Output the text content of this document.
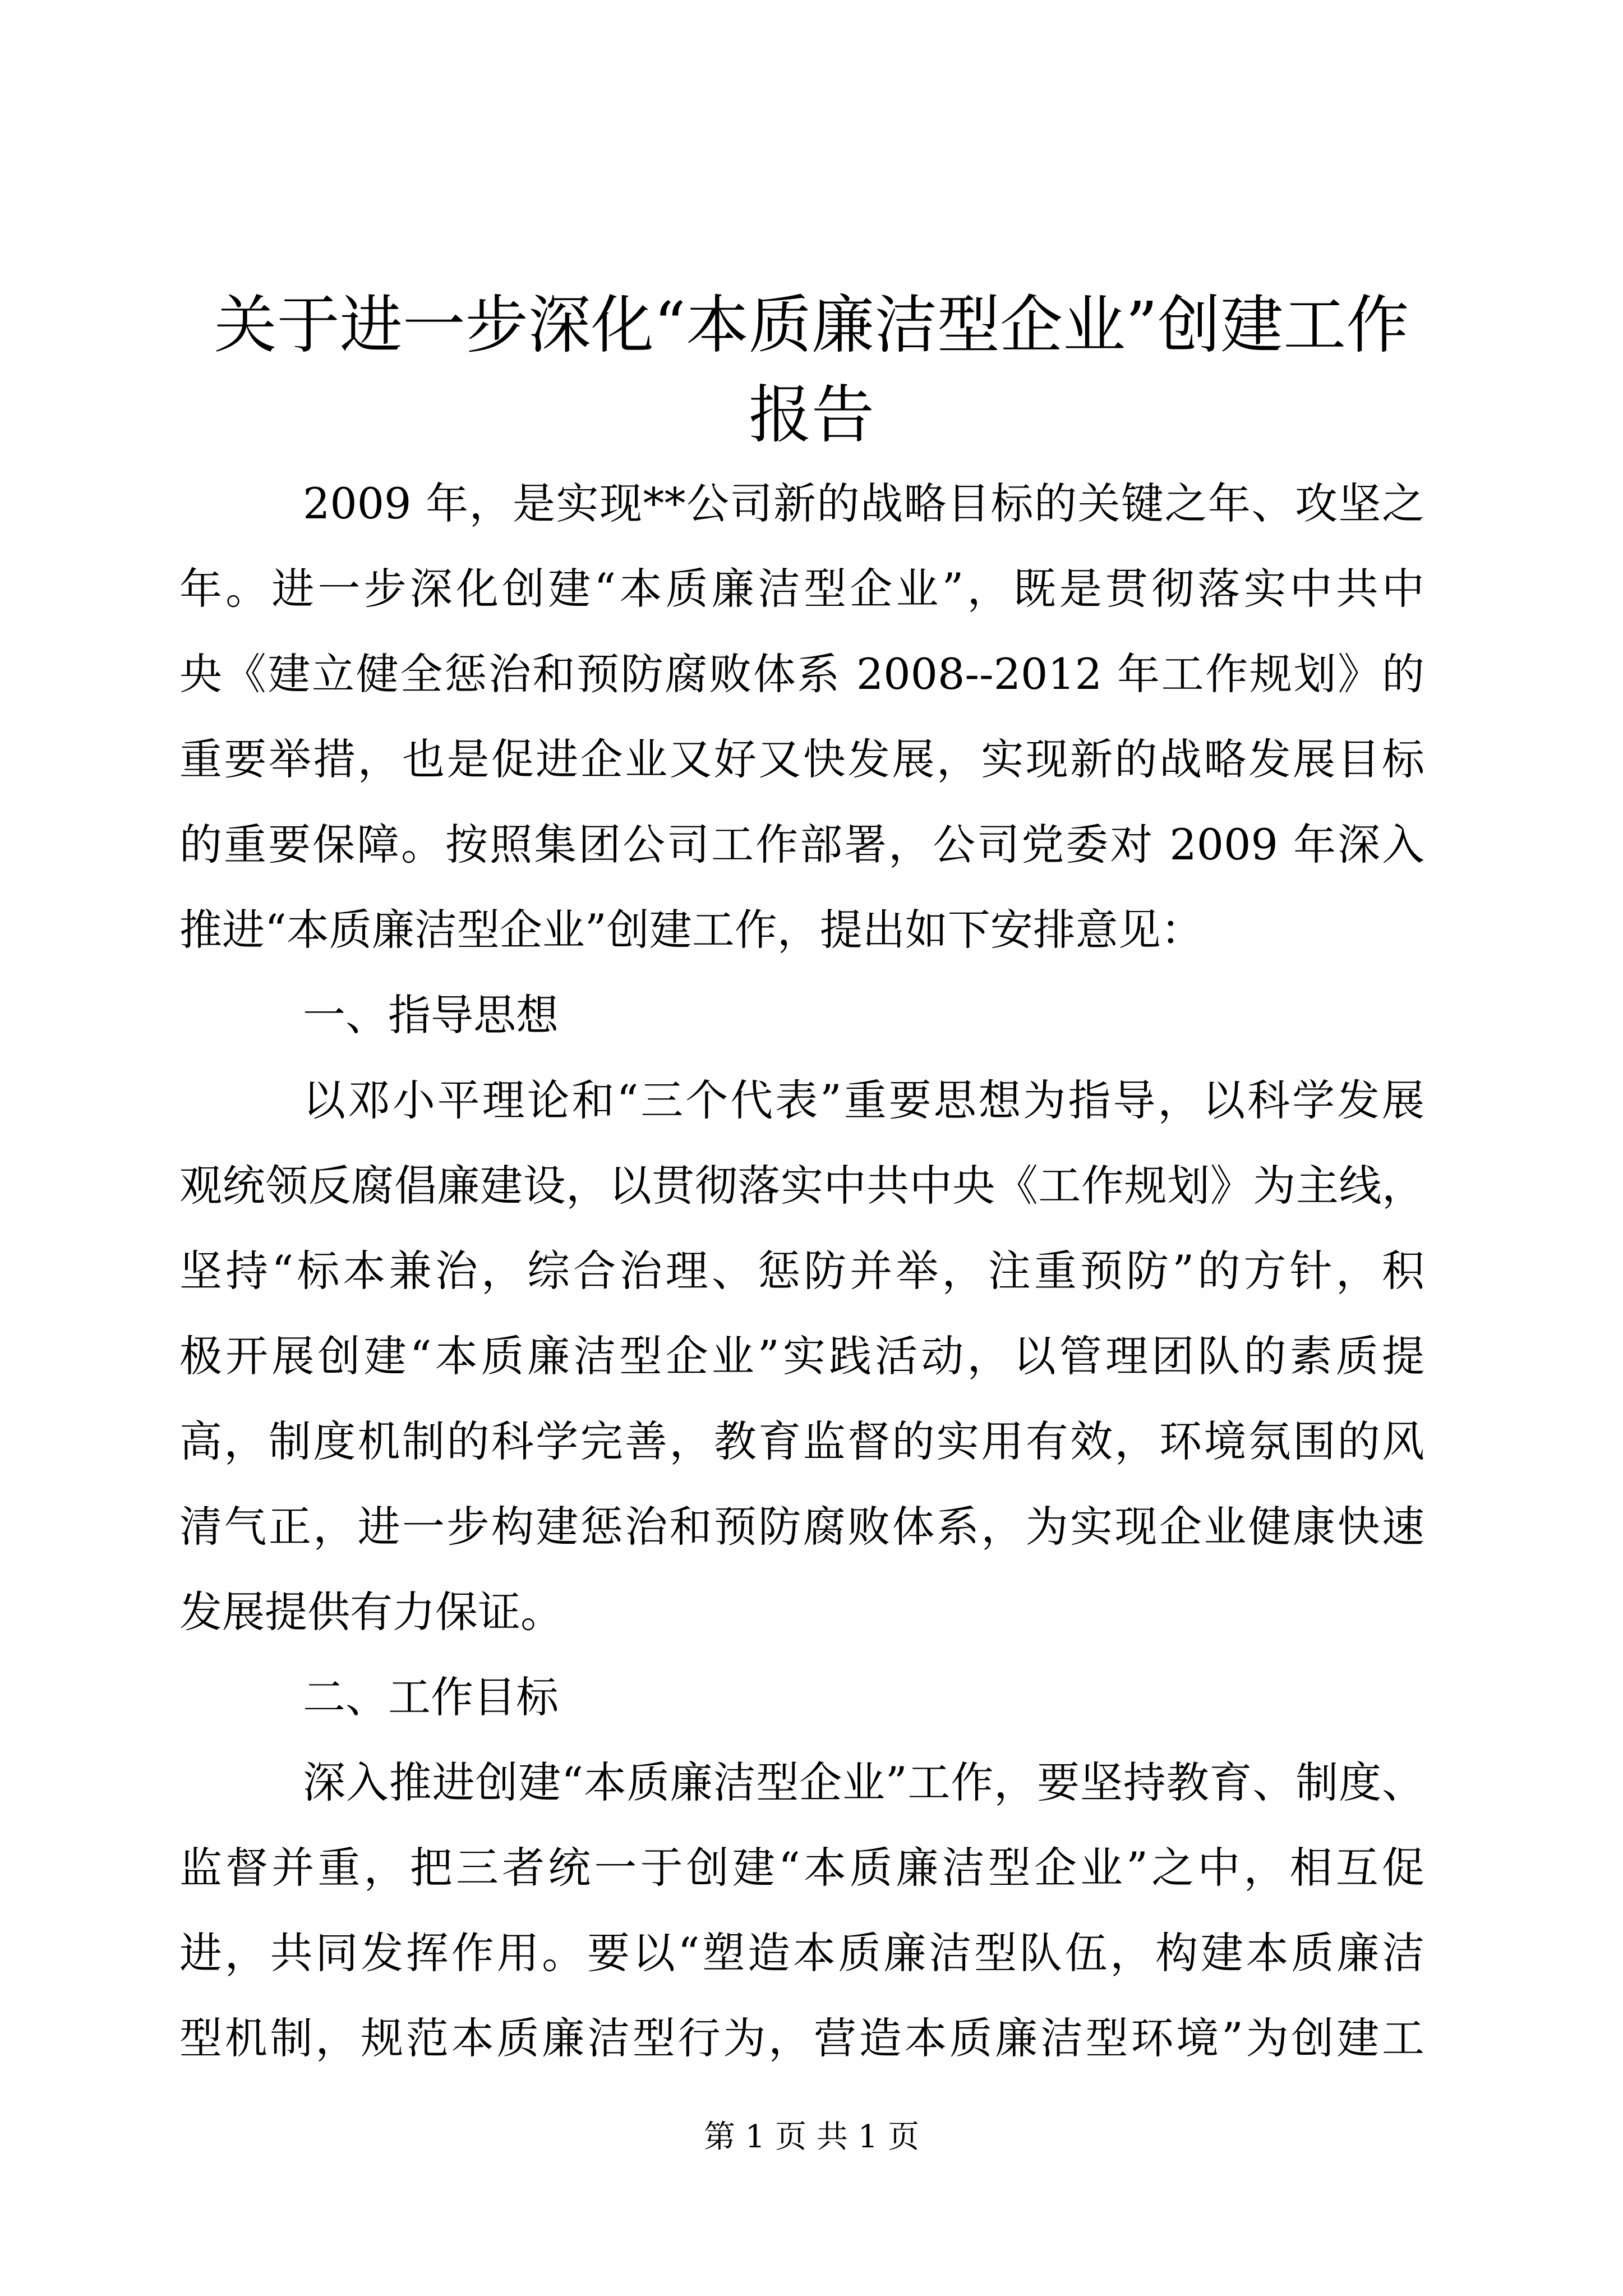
关于进一步深化“本质廉洁型企业”创建工作
报告
2009 年，是实现**公司新的战略目标的关键之年、攻坚之
年。进一步深化创建“本质廉洁型企业”，既是贯彻落实中共中
央《建立健全惩治和预防腐败体系 2008--2012 年工作规划》的
重要举措，也是促进企业又好又快发展，实现新的战略发展目标
的重要保障。按照集团公司工作部署，公司党委对 2009 年深入
推进“本质廉洁型企业”创建工作，提出如下安排意见：
一、指导思想
以邓小平理论和“三个代表”重要思想为指导，以科学发展
观统领反腐倡廉建设，以贯彻落实中共中央《工作规划》为主线，
坚持“标本兼治，综合治理、惩防并举，注重预防”的方针，积
极开展创建“本质廉洁型企业”实践活动，以管理团队的素质提
高，制度机制的科学完善，教育监督的实用有效，环境氛围的风
清气正，进一步构建惩治和预防腐败体系，为实现企业健康快速
发展提供有力保证。
二、工作目标
深入推进创建“本质廉洁型企业”工作，要坚持教育、制度、
监督并重，把三者统一于创建“本质廉洁型企业”之中，相互促
进，共同发挥作用。要以“塑造本质廉洁型队伍，构建本质廉洁
型机制，规范本质廉洁型行为，营造本质廉洁型环境”为创建工
第 1 页 共 1 页
